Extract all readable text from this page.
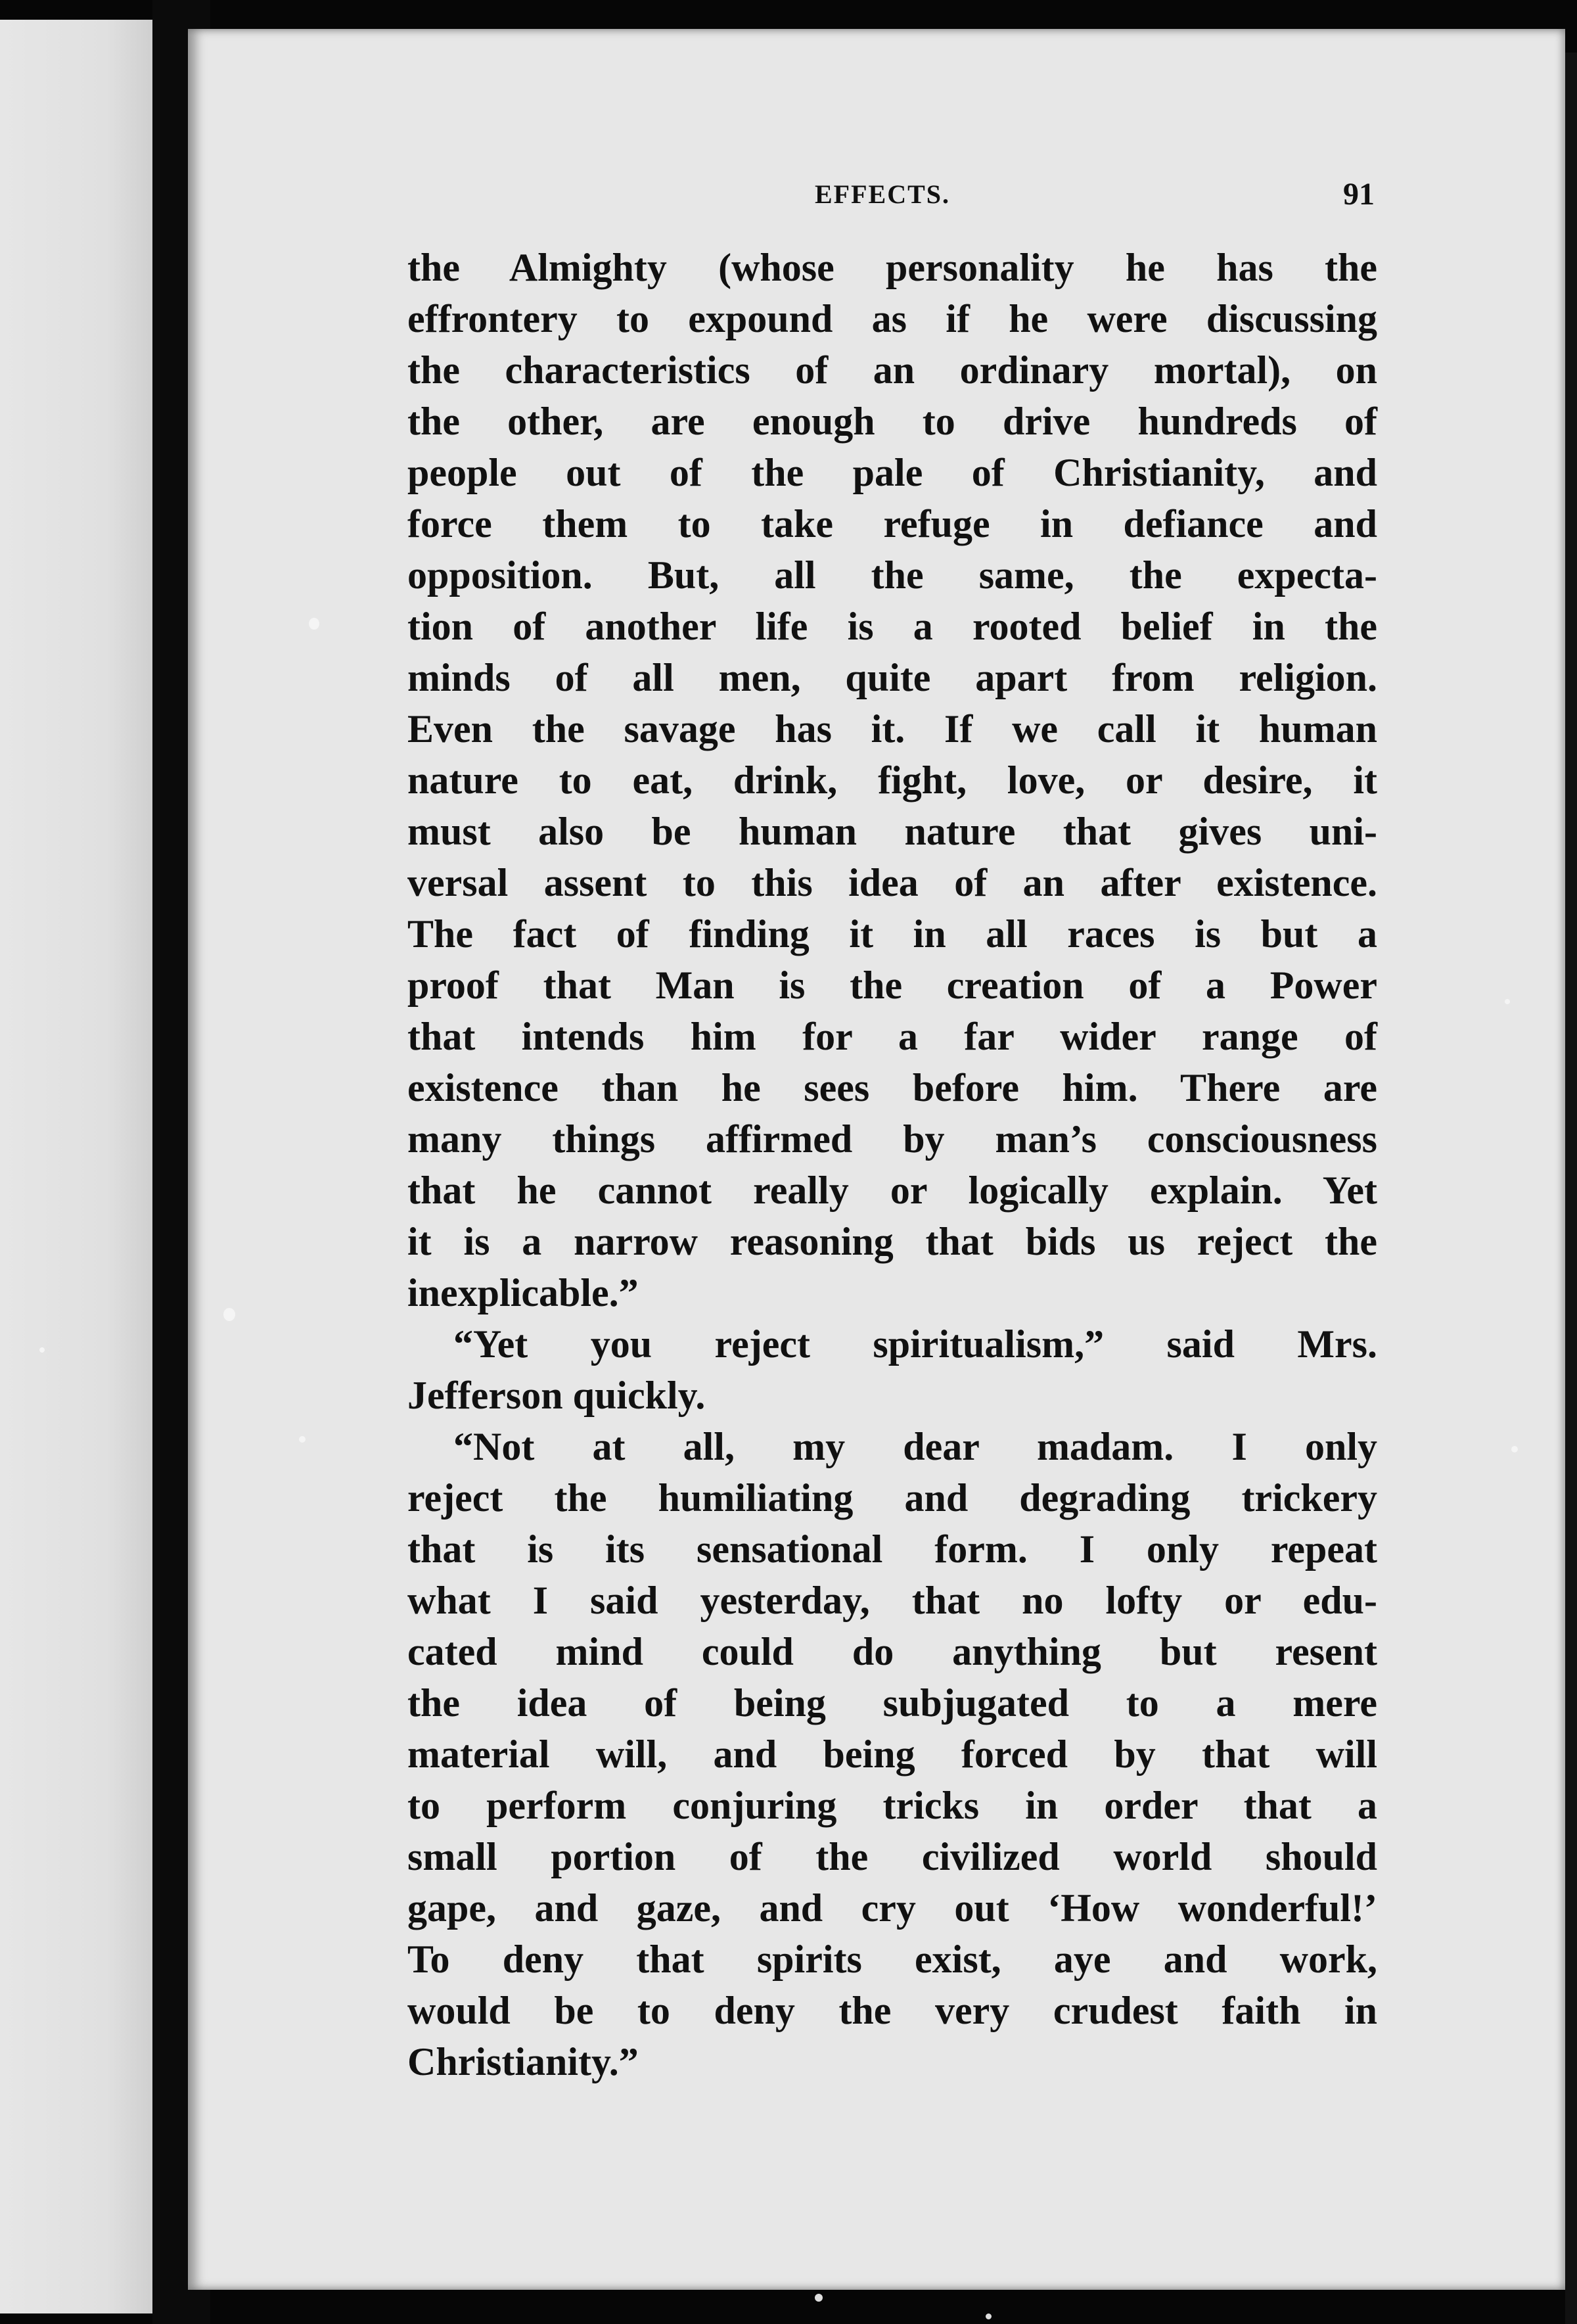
EFFECTS.	91
the Almighty (whose personality he has the
effrontery to expound as if he were discussing
the characteristics of an ordinary mortal), on
the other, are enough to drive hundreds of
people out of the pale of Christianity, and
force them to take refuge in defiance and
opposition. But, all the same, the expecta-
tion of another life is a rooted belief in the
minds of all men, quite apart from religion.
Even the savage has it. If we call it human
nature to eat, drink, fight, love, or desire, it
must also be human nature that gives uni-
versal assent to this idea of an after existence.
The fact of finding it in all races is but a
proof that Man is the creation of a Power
that intends him for a far wider range of
existence than he sees before him. There are
many things affirmed by man’s consciousness
that he cannot really or logically explain. Yet
it is a narrow reasoning that bids us reject the
inexplicable.”
“Yet you reject spiritualism,” said Mrs.
Jefferson quickly.
“Not at all, my dear madam. I only
reject the humiliating and degrading trickery
that is its sensational form. I only repeat
what I said yesterday, that no lofty or edu-
cated mind could do anything but resent
the idea of being subjugated to a mere
material will, and being forced by that will
to perform conjuring tricks in order that a
small portion of the civilized world should
gape, and gaze, and cry out ‘How wonderful!’
To deny that spirits exist, aye and work,
would be to deny the very crudest faith in
Christianity.”
